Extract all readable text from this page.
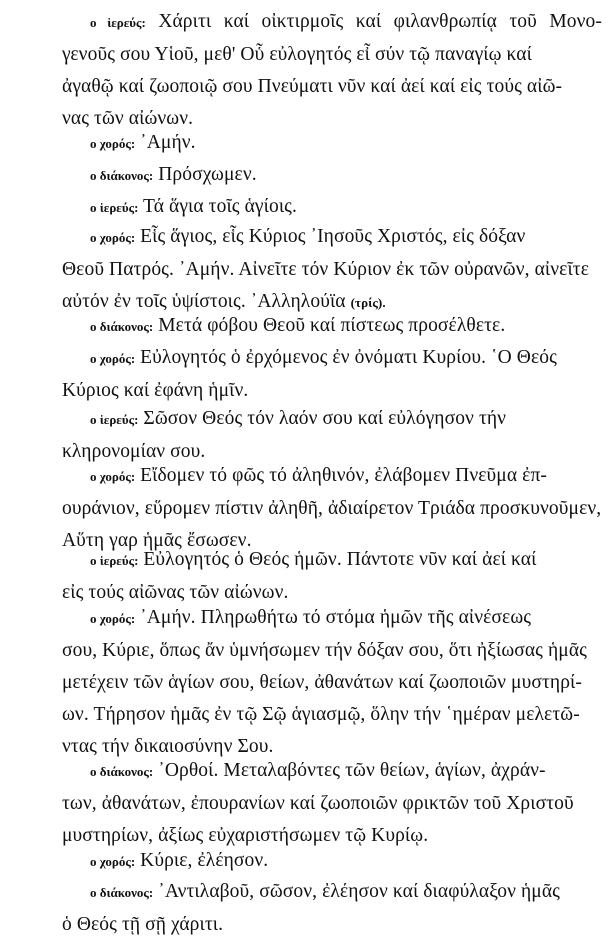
ο ἱερεύς: Χάριτι καί οἰκτιρμοῖς καί φιλανθρωπίᾳ τοῦ Μονο-
γενοῦς σου Υἱοῦ, μεθ' Οὗ εὐλογητός εἶ σύν τῷ παναγίῳ καί
ἀγαθῷ καί ζωοποιῷ σου Πνεύματι νῦν καί ἀεί καί εἰς τούς αἰῶ-
νας τῶν αἰώνων.
ο χορός: ᾿Αμήν.
ο διάκονος: Πρόσχωμεν.
ο ἱερεύς: Τά ἅγια τοῖς ἁγίοις.
ο χορός: Εἷς ἅγιος, εἷς Κύριος ᾿Ιησοῦς Χριστός, εἰς δόξαν
Θεοῦ Πατρός. ᾿Αμήν. Αἰνεῖτε τόν Κύριον ἐκ τῶν οὐρανῶν, αἰνεῖτε
αὐτόν ἐν τοῖς ὑψίστοις. ᾿Αλληλούϊα (τρίς).
ο διάκονος: Μετά φόβου Θεοῦ καί πίστεως προσέλθετε.
ο χορός: Εὐλογητός ὁ ἐρχόμενος ἐν ὀνόματι Κυρίου. ῾Ο Θεός
Κύριος καί ἐφάνη ἡμῖν.
ο ἱερεύς: Σῶσον Θεός τόν λαόν σου καί εὐλόγησον τήν
κληρονομίαν σου.
ο χορός: Εἴδομεν τό φῶς τό ἀληθινόν, ἐλάβομεν Πνεῦμα ἐπ-
ουράνιον, εὕρομεν πίστιν ἀληθῆ, ἀδιαίρετον Τριάδα προσκυνοῦμεν,
Αὕτη γαρ ἡμᾶς ἔσωσεν.
ο ἱερεύς: Εὐλογητός ὁ Θεός ἡμῶν. Πάντοτε νῦν καί ἀεί καί
εἰς τούς αἰῶνας τῶν αἰώνων.
ο χορός: ᾿Αμήν. Πληρωθήτω τό στόμα ἡμῶν τῆς αἰνέσεως
σου, Κύριε, ὅπως ἄν ὑμνήσωμεν τήν δόξαν σου, ὅτι ἠξίωσας ἡμᾶς
μετέχειν τῶν ἁγίων σου, θείων, ἀθανάτων καί ζωοποιῶν μυστηρί-
ων. Τήρησον ἡμᾶς ἐν τῷ Σῷ ἁγιασμῷ, ὅλην τήν ῾ημέραν μελετῶ-
ντας τήν δικαιοσύνην Σου.
ο διάκονος: ᾿Ορθοί. Μεταλαβόντες τῶν θείων, ἁγίων, ἀχράν-
των, ἀθανάτων, ἐπουρανίων καί ζωοποιῶν φρικτῶν τοῦ Χριστοῦ
μυστηρίων, ἀξίως εὐχαριστήσωμεν τῷ Κυρίῳ.
ο χορός: Κύριε, ἐλέησον.
ο διάκονος: ᾿Αντιλαβοῦ, σῶσον, ἐλέησον καί διαφύλαξον ἡμᾶς
ὁ Θεός τῇ σῇ χάριτι.
